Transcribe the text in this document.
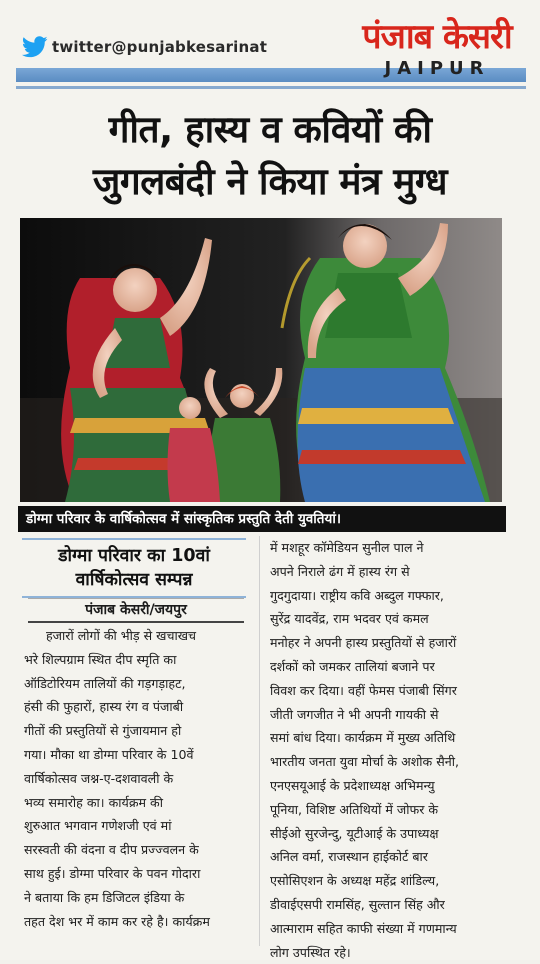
twitter@punjabkesarinat	पंजाब केसरी
JAIPUR
गीत, हास्य व कवियों की
जुगलबंदी ने किया मंत्र मुग्ध
डोग्मा परिवार के वार्षिकोत्सव में सांस्कृतिक प्रस्तुति देती युवतियां।
डोग्मा परिवार का 10वां
वार्षिकोत्सव सम्पन्न
पंजाब केसरी/जयपुर
हजारों लोगों की भीड़ से खचाखच
भरे शिल्पग्राम स्थित दीप स्मृति का
ऑडिटोरियम तालियों की गड़गड़ाहट,
हंसी की फुहारों, हास्य रंग व पंजाबी
गीतों की प्रस्तुतियों से गुंजायमान हो
गया। मौका था डोग्मा परिवार के 10वें
वार्षिकोत्सव जश्न-ए-दशवावली के
भव्य समारोह का। कार्यक्रम की
शुरुआत भगवान गणेशजी एवं मां
सरस्वती की वंदना व दीप प्रज्ज्वलन के
साथ हुई। डोग्मा परिवार के पवन गोदारा
ने बताया कि हम डिजिटल इंडिया के
तहत देश भर में काम कर रहे है। कार्यक्रम
में मशहूर कॉमेडियन सुनील पाल ने
अपने निराले ढंग में हास्य रंग से
गुदगुदाया। राष्ट्रीय कवि अब्दुल गफ्फार,
सुरेंद्र यादवेंद्र, राम भदवर एवं कमल
मनोहर ने अपनी हास्य प्रस्तुतियों से हजारों
दर्शकों को जमकर तालियां बजाने पर
विवश कर दिया। वहीं फेमस पंजाबी सिंगर
जीती जगजीत ने भी अपनी गायकी से
समां बांध दिया। कार्यक्रम में मुख्य अतिथि
भारतीय जनता युवा मोर्चा के अशोक सैनी,
एनएसयूआई के प्रदेशाध्यक्ष अभिमन्यु
पूनिया, विशिष्ट अतिथियों में जोफर के
सीईओ सुरजेन्दु, यूटीआई के उपाध्यक्ष
अनिल वर्मा, राजस्थान हाईकोर्ट बार
एसोसिएशन के अध्यक्ष महेंद्र शांडिल्य,
डीवाईएसपी रामसिंह, सुल्तान सिंह और
आत्माराम सहित काफी संख्या में गणमान्य
लोग उपस्थित रहे।
